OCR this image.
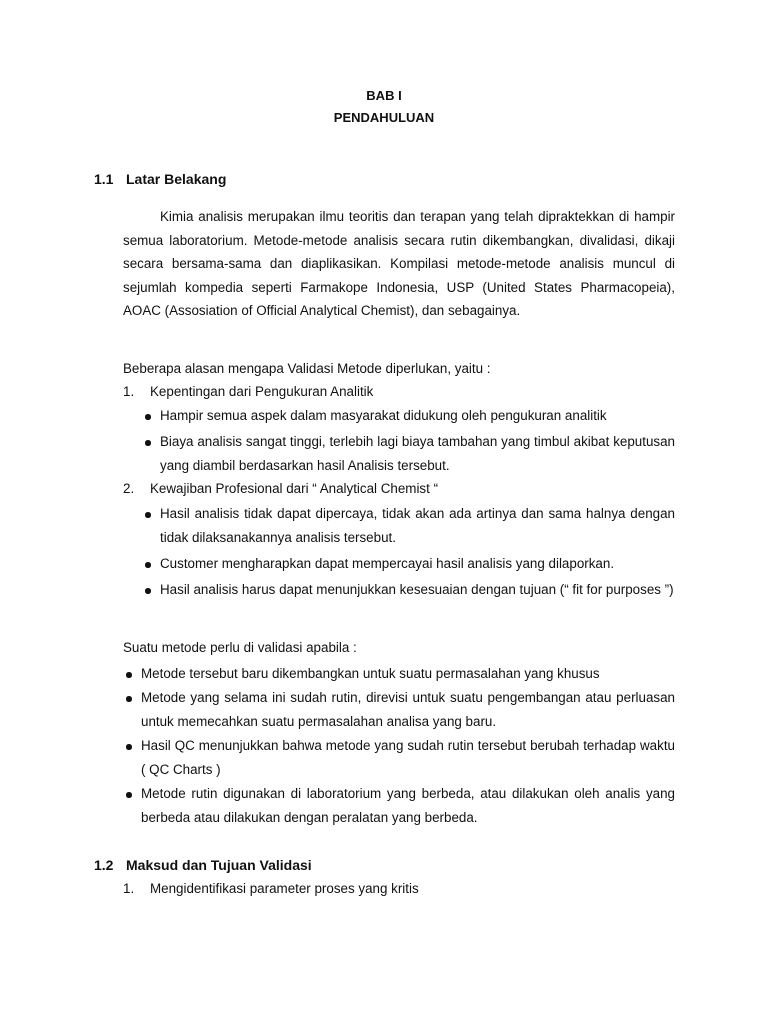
BAB I
PENDAHULUAN
1.1 Latar Belakang
Kimia analisis merupakan ilmu teoritis dan terapan yang telah dipraktekkan di hampir semua laboratorium. Metode-metode analisis secara rutin dikembangkan, divalidasi, dikaji secara bersama-sama dan diaplikasikan. Kompilasi metode-metode analisis muncul di sejumlah kompedia seperti Farmakope Indonesia, USP (United States Pharmacopeia), AOAC (Assosiation of Official Analytical Chemist), dan sebagainya.
Beberapa alasan mengapa Validasi Metode diperlukan, yaitu :
1. Kepentingan dari Pengukuran Analitik
Hampir semua aspek dalam masyarakat didukung oleh pengukuran analitik
Biaya analisis sangat tinggi, terlebih lagi biaya tambahan yang timbul akibat keputusan yang diambil berdasarkan hasil Analisis tersebut.
2. Kewajiban Profesional dari “ Analytical Chemist “
Hasil analisis tidak dapat dipercaya, tidak akan ada artinya dan sama halnya dengan tidak dilaksanakannya analisis tersebut.
Customer mengharapkan dapat mempercayai hasil analisis yang dilaporkan.
Hasil analisis harus dapat menunjukkan kesesuaian dengan tujuan (“ fit for purposes ”)
Suatu metode perlu di validasi apabila :
Metode tersebut baru dikembangkan untuk suatu permasalahan yang khusus
Metode yang selama ini sudah rutin, direvisi untuk suatu pengembangan atau perluasan untuk memecahkan suatu permasalahan analisa yang baru.
Hasil QC menunjukkan bahwa metode yang sudah rutin tersebut berubah terhadap waktu ( QC Charts )
Metode rutin digunakan di laboratorium yang berbeda, atau dilakukan oleh analis yang berbeda atau dilakukan dengan peralatan yang berbeda.
1.2 Maksud dan Tujuan Validasi
1. Mengidentifikasi parameter proses yang kritis
